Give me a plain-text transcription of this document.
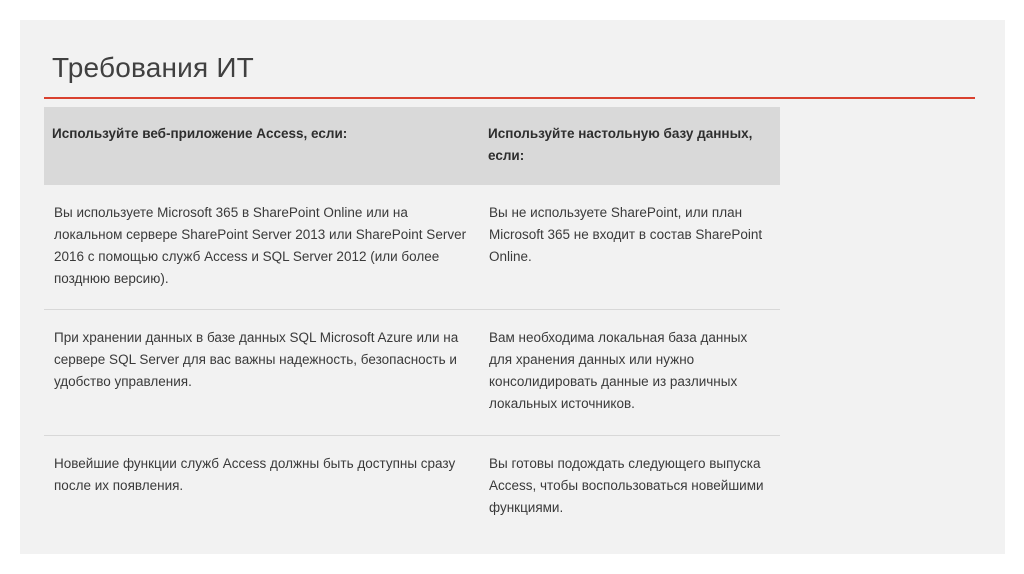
Требования ИТ
Используйте веб-приложение Access, если:	Используйте настольную базу данных, если:
Вы используете Microsoft 365 в SharePoint Online или на локальном сервере SharePoint Server 2013 или SharePoint Server 2016 с помощью служб Access и SQL Server 2012 (или более позднюю версию).
Вы не используете SharePoint, или план Microsoft 365 не входит в состав SharePoint Online.
При хранении данных в базе данных SQL Microsoft Azure или на сервере SQL Server для вас важны надежность, безопасность и удобство управления.
Вам необходима локальная база данных для хранения данных или нужно консолидировать данные из различных локальных источников.
Новейшие функции служб Access должны быть доступны сразу после их появления.
Вы готовы подождать следующего выпуска Access, чтобы воспользоваться новейшими функциями.
